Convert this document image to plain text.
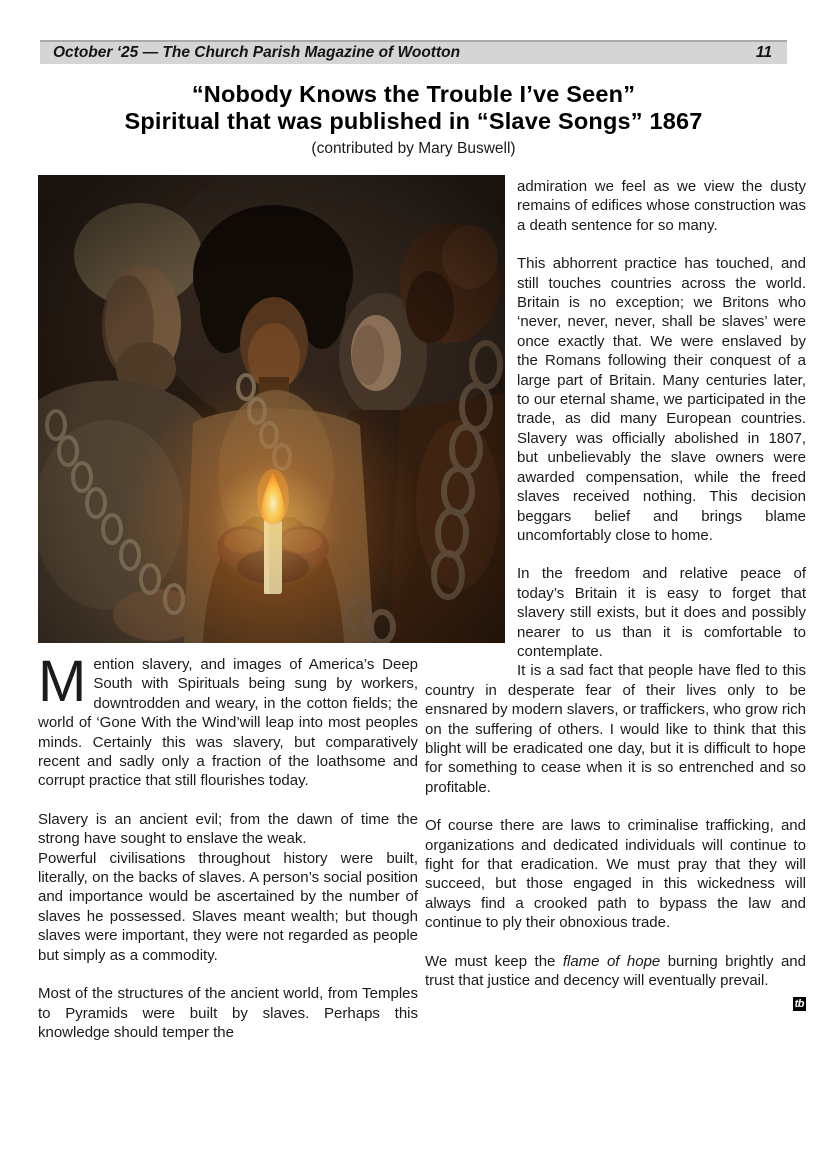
October ‘25 — The Church Parish Magazine of Wootton	11
“Nobody Knows the Trouble I’ve Seen”
Spiritual that was published in “Slave Songs” 1867
(contributed by Mary Buswell)

admiration we feel as we view the dusty remains of edifices whose construction was a death sentence for so many.

This abhorrent practice has touched, and still touches countries across the world. Britain is no exception; we Britons who ‘never, never, never, shall be slaves’ were once exactly that. We were enslaved by the Romans following their conquest of a large part of Britain. Many centuries later, to our eternal shame, we participated in the trade, as did many European countries. Slavery was officially abolished in 1807, but unbelievably the slave owners were awarded compensation, while the freed slaves received nothing. This decision beggars belief and brings blame uncomfortably close to home.

In the freedom and relative peace of today’s Britain it is easy to forget that slavery still exists, but it does and possibly nearer to us than it is comfortable to contemplate.

It is a sad fact that people have fled to this country in desperate fear of their lives only to be ensnared by modern slavers, or traffickers, who grow rich on the suffering of others. I would like to think that this blight will be eradicated one day, but it is difficult to hope for something to cease when it is so entrenched and so profitable.

Of course there are laws to criminalise trafficking, and organizations and dedicated individuals will continue to fight for that eradication. We must pray that they will succeed, but those engaged in this wickedness will always find a crooked path to bypass the law and continue to ply their obnoxious trade.

We must keep the flame of hope burning brightly and trust that justice and decency will eventually prevail.

tb

Mention slavery, and images of America’s Deep South with Spirituals being sung by workers, downtrodden and weary, in the cotton fields; the world of ‘Gone With the Wind’will leap into most peoples minds. Certainly this was slavery, but comparatively recent and sadly only a fraction of the loathsome and corrupt practice that still flourishes today.

Slavery is an ancient evil; from the dawn of time the strong have sought to enslave the weak.

Powerful civilisations throughout history were built, literally, on the backs of slaves. A person’s social position and importance would be ascertained by the number of slaves he possessed. Slaves meant wealth; but though slaves were important, they were not regarded as people but simply as a commodity.

Most of the structures of the ancient world, from Temples to Pyramids were built by slaves. Perhaps this knowledge should temper the
